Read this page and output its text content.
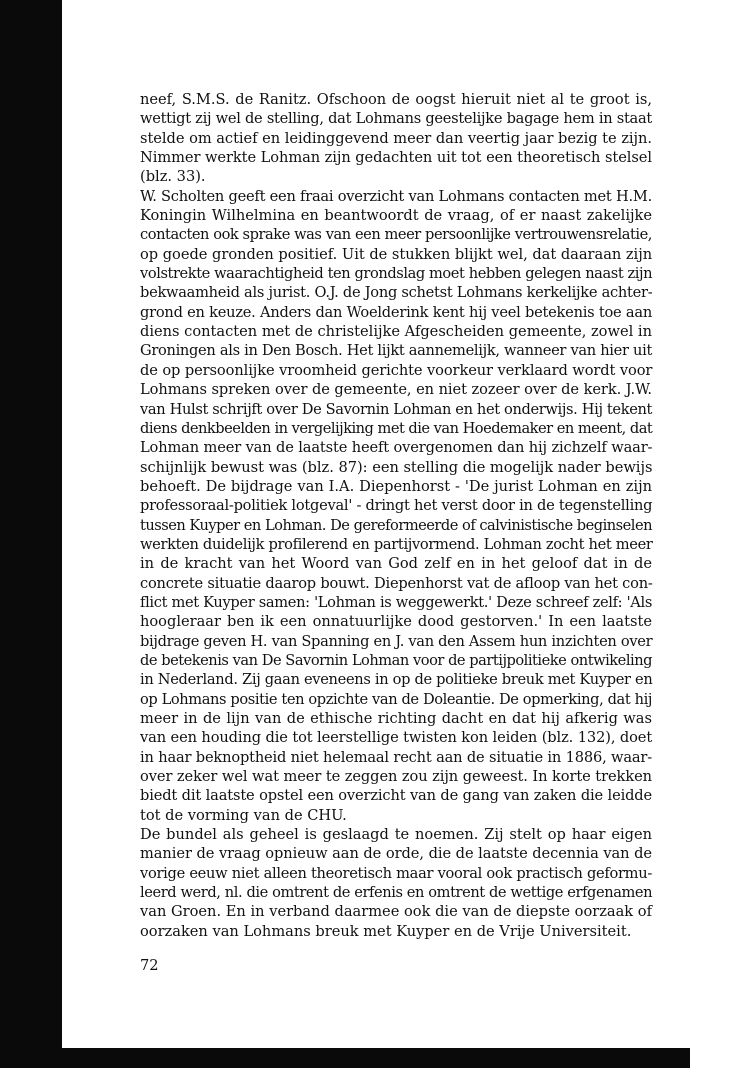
neef, S.M.S. de Ranitz. Ofschoon de oogst hieruit niet al te groot is,
wettigt zij wel de stelling, dat Lohmans geestelijke bagage hem in staat
stelde om actief en leidinggevend meer dan veertig jaar bezig te zijn.
Nimmer werkte Lohman zijn gedachten uit tot een theoretisch stelsel
(blz. 33).
W. Scholten geeft een fraai overzicht van Lohmans contacten met H.M.
Koningin Wilhelmina en beantwoordt de vraag, of er naast zakelijke
contacten ook sprake was van een meer persoonlijke vertrouwensrelatie,
op goede gronden positief. Uit de stukken blijkt wel, dat daaraan zijn
volstrekte waarachtigheid ten grondslag moet hebben gelegen naast zijn
bekwaamheid als jurist. O.J. de Jong schetst Lohmans kerkelijke achter-
grond en keuze. Anders dan Woelderink kent hij veel betekenis toe aan
diens contacten met de christelijke Afgescheiden gemeente, zowel in
Groningen als in Den Bosch. Het lijkt aannemelijk, wanneer van hier uit
de op persoonlijke vroomheid gerichte voorkeur verklaard wordt voor
Lohmans spreken over de gemeente, en niet zozeer over de kerk. J.W.
van Hulst schrijft over De Savornin Lohman en het onderwijs. Hij tekent
diens denkbeelden in vergelijking met die van Hoedemaker en meent, dat
Lohman meer van de laatste heeft overgenomen dan hij zichzelf waar-
schijnlijk bewust was (blz. 87): een stelling die mogelijk nader bewijs
behoeft. De bijdrage van I.A. Diepenhorst - 'De jurist Lohman en zijn
professoraal-politiek lotgeval' - dringt het verst door in de tegenstelling
tussen Kuyper en Lohman. De gereformeerde of calvinistische beginselen
werkten duidelijk profilerend en partijvormend. Lohman zocht het meer
in de kracht van het Woord van God zelf en in het geloof dat in de
concrete situatie daarop bouwt. Diepenhorst vat de afloop van het con-
flict met Kuyper samen: 'Lohman is weggewerkt.' Deze schreef zelf: 'Als
hoogleraar ben ik een onnatuurlijke dood gestorven.' In een laatste
bijdrage geven H. van Spanning en J. van den Assem hun inzichten over
de betekenis van De Savornin Lohman voor de partijpolitieke ontwikeling
in Nederland. Zij gaan eveneens in op de politieke breuk met Kuyper en
op Lohmans positie ten opzichte van de Doleantie. De opmerking, dat hij
meer in de lijn van de ethische richting dacht en dat hij afkerig was
van een houding die tot leerstellige twisten kon leiden (blz. 132), doet
in haar beknoptheid niet helemaal recht aan de situatie in 1886, waar-
over zeker wel wat meer te zeggen zou zijn geweest. In korte trekken
biedt dit laatste opstel een overzicht van de gang van zaken die leidde
tot de vorming van de CHU.
De bundel als geheel is geslaagd te noemen. Zij stelt op haar eigen
manier de vraag opnieuw aan de orde, die de laatste decennia van de
vorige eeuw niet alleen theoretisch maar vooral ook practisch geformu-
leerd werd, nl. die omtrent de erfenis en omtrent de wettige erfgenamen
van Groen. En in verband daarmee ook die van de diepste oorzaak of
oorzaken van Lohmans breuk met Kuyper en de Vrije Universiteit.
72
